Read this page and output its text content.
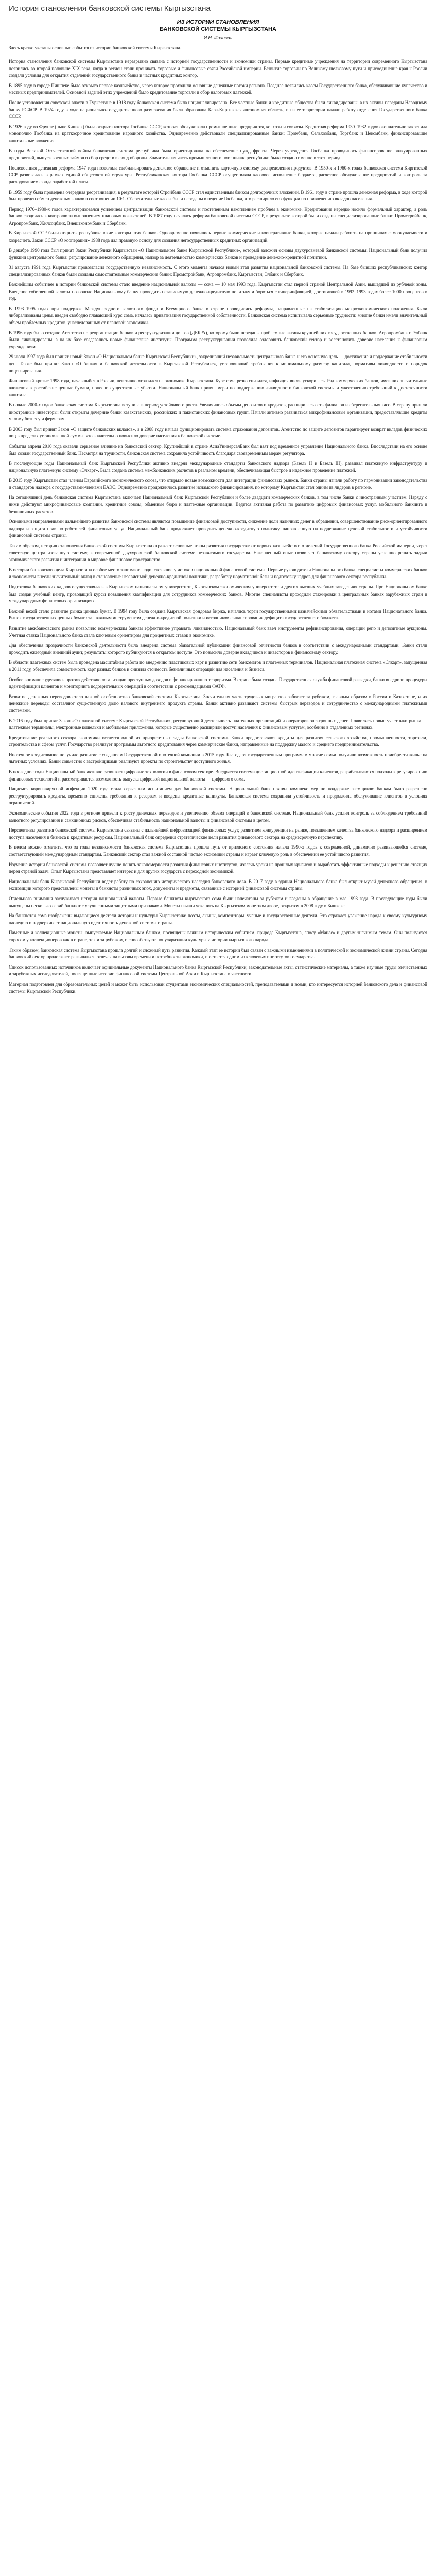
История становления банковской системы Кыргызстана

ИЗ ИСТОРИИ СТАНОВЛЕНИЯ

БАНКОВСКОЙ СИСТЕМЫ КЫРГЫЗСТАНА

И.Н. Иванова

Здесь кратко указаны основные события из истории банковской системы Кыргызстана.

История становления банковской системы Кыргызстана неразрывно связана с историей государственности и экономики страны. Первые кредитные учреждения на территории современного Кыргызстана появились во второй половине XIX века, когда в регион стали проникать торговые и финансовые связи Российской империи. Развитие торговли по Великому шелковому пути и присоединение края к России создали условия для открытия отделений государственного банка и частных кредитных контор.

В 1895 году в городе Пишпеке было открыто первое казначейство, через которое проходили основные денежные потоки региона. Позднее появились кассы Государственного банка, обслуживавшие купечество и местных предпринимателей. Основной задачей этих учреждений было кредитование торговли и сбор налоговых платежей.

После установления советской власти в Туркестане в 1918 году банковская система была национализирована. Все частные банки и кредитные общества были ликвидированы, а их активы переданы Народному банку РСФСР. В 1924 году в ходе национально-государственного размежевания была образована Кара-Киргизская автономная область, и на ее территории начали работу отделения Государственного банка СССР.

В 1926 году во Фрунзе (ныне Бишкек) была открыта контора Госбанка СССР, которая обслуживала промышленные предприятия, колхозы и совхозы. Кредитная реформа 1930–1932 годов окончательно закрепила монополию Госбанка на краткосрочное кредитование народного хозяйства. Одновременно действовали специализированные банки: Промбанк, Сельхозбанк, Торгбанк и Цекомбанк, финансировавшие капитальные вложения.

В годы Великой Отечественной войны банковская система республики была ориентирована на обеспечение нужд фронта. Через учреждения Госбанка проводилось финансирование эвакуированных предприятий, выпуск военных займов и сбор средств в фонд обороны. Значительная часть промышленного потенциала республики была создана именно в этот период.

Послевоенная денежная реформа 1947 года позволила стабилизировать денежное обращение и отменить карточную систему распределения продуктов. В 1950-х и 1960-х годах банковская система Киргизской ССР развивалась в рамках единой общесоюзной структуры. Республиканская контора Госбанка СССР осуществляла кассовое исполнение бюджета, расчетное обслуживание предприятий и контроль за расходованием фонда заработной платы.

В 1959 году была проведена очередная реорганизация, в результате которой Стройбанк СССР стал единственным банком долгосрочных вложений. В 1961 году в стране прошла денежная реформа, в ходе которой был проведен обмен денежных знаков в соотношении 10:1. Сберегательные кассы были переданы в ведение Госбанка, что расширило его функции по привлечению вкладов населения.

Период 1970–1980-х годов характеризовался усилением централизации банковской системы и постепенным накоплением проблем в экономике. Кредитование нередко носило формальный характер, а роль банков сводилась к контролю за выполнением плановых показателей. В 1987 году началась реформа банковской системы СССР, в результате которой были созданы специализированные банки: Промстройбанк, Агропромбанк, Жилсоцбанк, Внешэкономбанк и Сбербанк.

В Киргизской ССР были открыты республиканские конторы этих банков. Одновременно появились первые коммерческие и кооперативные банки, которые начали работать на принципах самоокупаемости и хозрасчета. Закон СССР «О кооперации» 1988 года дал правовую основу для создания негосударственных кредитных организаций.

В декабре 1990 года был принят Закон Республики Кыргызстан «О Национальном банке Кыргызской Республики», который заложил основы двухуровневой банковской системы. Национальный банк получил функции центрального банка: регулирование денежного обращения, надзор за деятельностью коммерческих банков и проведение денежно-кредитной политики.

31 августа 1991 года Кыргызстан провозгласил государственную независимость. С этого момента начался новый этап развития национальной банковской системы. На базе бывших республиканских контор специализированных банков были созданы самостоятельные коммерческие банки: Промстройбанк, Агропромбанк, Кыргызстан, Элбанк и Сбербанк.

Важнейшим событием в истории банковской системы стало введение национальной валюты — сома — 10 мая 1993 года. Кыргызстан стал первой страной Центральной Азии, вышедшей из рублевой зоны. Введение собственной валюты позволило Национальному банку проводить независимую денежно-кредитную политику и бороться с гиперинфляцией, достигавшей в 1992–1993 годах более 1000 процентов в год.

В 1993–1995 годах при поддержке Международного валютного фонда и Всемирного банка в стране проводились реформы, направленные на стабилизацию макроэкономического положения. Были либерализованы цены, введен свободно плавающий курс сома, началась приватизация государственной собственности. Банковская система испытывала серьезные трудности: многие банки имели значительный объем проблемных кредитов, унаследованных от плановой экономики.

В 1996 году было создано Агентство по реорганизации банков и реструктуризации долгов (ДЕБРА), которому были переданы проблемные активы крупнейших государственных банков. Агропромбанк и Элбанк были ликвидированы, а на их базе создавались новые финансовые институты. Программа реструктуризации позволила оздоровить банковский сектор и восстановить доверие населения к финансовым учреждениям.

29 июля 1997 года был принят новый Закон «О Национальном банке Кыргызской Республики», закрепивший независимость центрального банка и его основную цель — достижение и поддержание стабильности цен. Также был принят Закон «О банках и банковской деятельности в Кыргызской Республике», установивший требования к минимальному размеру капитала, нормативы ликвидности и порядок лицензирования.

Финансовый кризис 1998 года, начавшийся в России, негативно отразился на экономике Кыргызстана. Курс сома резко снизился, инфляция вновь ускорилась. Ряд коммерческих банков, имевших значительные вложения в российские ценные бумаги, понесли существенные убытки. Национальный банк принял меры по поддержанию ликвидности банковской системы и ужесточению требований к достаточности капитала.

В начале 2000-х годов банковская система Кыргызстана вступила в период устойчивого роста. Увеличились объемы депозитов и кредитов, расширилась сеть филиалов и сберегательных касс. В страну пришли иностранные инвесторы: были открыты дочерние банки казахстанских, российских и пакистанских финансовых групп. Начали активно развиваться микрофинансовые организации, предоставлявшие кредиты малому бизнесу и фермерам.

В 2003 году был принят Закон «О защите банковских вкладов», а в 2008 году начала функционировать система страхования депозитов. Агентство по защите депозитов гарантирует возврат вкладов физических лиц в пределах установленной суммы, что значительно повысило доверие населения к банковской системе.

События апреля 2010 года оказали серьезное влияние на банковский сектор. Крупнейший в стране АсиаУниверсалБанк был взят под временное управление Национального банка. Впоследствии на его основе был создан государственный банк. Несмотря на трудности, банковская система сохранила устойчивость благодаря своевременным мерам регулятора.

В последующие годы Национальный банк Кыргызской Республики активно внедрял международные стандарты банковского надзора (Базель II и Базель III), развивал платежную инфраструктуру и национальную платежную систему «Элкарт». Была создана система межбанковских расчетов в реальном времени, обеспечивающая быстрое и надежное проведение платежей.

В 2015 году Кыргызстан стал членом Евразийского экономического союза, что открыло новые возможности для интеграции финансовых рынков. Банки страны начали работу по гармонизации законодательства и стандартов надзора с государствами-членами ЕАЭС. Одновременно продолжилось развитие исламского финансирования, по которому Кыргызстан стал одним из лидеров в регионе.

На сегодняшний день банковская система Кыргызстана включает Национальный банк Кыргызской Республики и более двадцати коммерческих банков, в том числе банки с иностранным участием. Наряду с ними действуют микрофинансовые компании, кредитные союзы, обменные бюро и платежные организации. Ведется активная работа по развитию цифровых финансовых услуг, мобильного банкинга и безналичных расчетов.

Основными направлениями дальнейшего развития банковской системы являются повышение финансовой доступности, снижение доли наличных денег в обращении, совершенствование риск-ориентированного надзора и защита прав потребителей финансовых услуг. Национальный банк продолжает проводить денежно-кредитную политику, направленную на поддержание ценовой стабильности и устойчивости финансовой системы страны.

Таким образом, история становления банковской системы Кыргызстана отражает основные этапы развития государства: от первых казначейств и отделений Государственного банка Российской империи, через советскую централизованную систему, к современной двухуровневой банковской системе независимого государства. Накопленный опыт позволяет банковскому сектору страны успешно решать задачи экономического развития и интеграции в мировое финансовое пространство.

В истории банковского дела Кыргызстана особое место занимают люди, стоявшие у истоков национальной финансовой системы. Первые руководители Национального банка, специалисты коммерческих банков и экономисты внесли значительный вклад в становление независимой денежно-кредитной политики, разработку нормативной базы и подготовку кадров для финансового сектора республики.

Подготовка банковских кадров осуществлялась в Кыргызском национальном университете, Кыргызском экономическом университете и других высших учебных заведениях страны. При Национальном банке был создан учебный центр, проводящий курсы повышения квалификации для сотрудников коммерческих банков. Многие специалисты проходили стажировки в центральных банках зарубежных стран и международных финансовых организациях.

Важной вехой стало развитие рынка ценных бумаг. В 1994 году была создана Кыргызская фондовая биржа, начались торги государственными казначейскими обязательствами и нотами Национального банка. Рынок государственных ценных бумаг стал важным инструментом денежно-кредитной политики и источником финансирования дефицита государственного бюджета.

Развитие межбанковского рынка позволило коммерческим банкам эффективнее управлять ликвидностью. Национальный банк ввел инструменты рефинансирования, операции репо и депозитные аукционы. Учетная ставка Национального банка стала ключевым ориентиром для процентных ставок в экономике.

Для обеспечения прозрачности банковской деятельности была внедрена система обязательной публикации финансовой отчетности банков в соответствии с международными стандартами. Банки стали проходить ежегодный внешний аудит, результаты которого публикуются в открытом доступе. Это повысило доверие вкладчиков и инвесторов к финансовому сектору.

В области платежных систем была проведена масштабная работа по внедрению пластиковых карт и развитию сети банкоматов и платежных терминалов. Национальная платежная система «Элкарт», запущенная в 2011 году, обеспечила совместимость карт разных банков и снизила стоимость безналичных операций для населения и бизнеса.

Особое внимание уделялось противодействию легализации преступных доходов и финансированию терроризма. В стране была создана Государственная служба финансовой разведки, банки внедрили процедуры идентификации клиентов и мониторинга подозрительных операций в соответствии с рекомендациями ФАТФ.

Развитие денежных переводов стало важной особенностью банковской системы Кыргызстана. Значительная часть трудовых мигрантов работает за рубежом, главным образом в России и Казахстане, и их денежные переводы составляют существенную долю валового внутреннего продукта страны. Банки активно развивают системы быстрых переводов и сотрудничество с международными платежными системами.

В 2016 году был принят Закон «О платежной системе Кыргызской Республики», регулирующий деятельность платежных организаций и операторов электронных денег. Появились новые участники рынка — платежные терминалы, электронные кошельки и мобильные приложения, которые существенно расширили доступ населения к финансовым услугам, особенно в отдаленных регионах.

Кредитование реального сектора экономики остается одной из приоритетных задач банковской системы. Банки предоставляют кредиты для развития сельского хозяйства, промышленности, торговли, строительства и сферы услуг. Государство реализует программы льготного кредитования через коммерческие банки, направленные на поддержку малого и среднего предпринимательства.

Ипотечное кредитование получило развитие с созданием Государственной ипотечной компании в 2015 году. Благодаря государственным программам многие семьи получили возможность приобрести жилье на льготных условиях. Банки совместно с застройщиками реализуют проекты по строительству доступного жилья.

В последние годы Национальный банк активно развивает цифровые технологии в финансовом секторе. Внедряется система дистанционной идентификации клиентов, разрабатываются подходы к регулированию финансовых технологий и рассматривается возможность выпуска цифровой национальной валюты — цифрового сома.

Пандемия коронавирусной инфекции 2020 года стала серьезным испытанием для банковской системы. Национальный банк принял комплекс мер по поддержке заемщиков: банкам было разрешено реструктурировать кредиты, временно снижены требования к резервам и введены кредитные каникулы. Банковская система сохранила устойчивость и продолжила обслуживание клиентов в условиях ограничений.

Экономические события 2022 года в регионе привели к росту денежных переводов и увеличению объема операций в банковской системе. Национальный банк усилил контроль за соблюдением требований валютного регулирования и санкционных рисков, обеспечивая стабильность национальной валюты и финансовой системы в целом.

Перспективы развития банковской системы Кыргызстана связаны с дальнейшей цифровизацией финансовых услуг, развитием конкуренции на рынке, повышением качества банковского надзора и расширением доступа населения и бизнеса к кредитным ресурсам. Национальный банк определил стратегические цели развития финансового сектора на среднесрочную перспективу.

В целом можно отметить, что за годы независимости банковская система Кыргызстана прошла путь от кризисного состояния начала 1990-х годов к современной, динамично развивающейся системе, соответствующей международным стандартам. Банковский сектор стал важной составной частью экономики страны и играет ключевую роль в обеспечении ее устойчивого развития.

Изучение истории банковской системы позволяет лучше понять закономерности развития финансовых институтов, извлечь уроки из прошлых кризисов и выработать эффективные подходы к решению стоящих перед страной задач. Опыт Кыргызстана представляет интерес и для других государств с переходной экономикой.

Национальный банк Кыргызской Республики ведет работу по сохранению исторического наследия банковского дела. В 2017 году в здании Национального банка был открыт музей денежного обращения, в экспозиции которого представлены монеты и банкноты различных эпох, документы и предметы, связанные с историей финансовой системы страны.

Отдельного внимания заслуживает история национальной валюты. Первые банкноты кыргызского сома были напечатаны за рубежом и введены в обращение в мае 1993 года. В последующие годы были выпущены несколько серий банкнот с улучшенными защитными признаками. Монеты начали чеканить на Кыргызском монетном дворе, открытом в 2008 году в Бишкеке.

На банкнотах сома изображены выдающиеся деятели истории и культуры Кыргызстана: поэты, акыны, композиторы, ученые и государственные деятели. Это отражает уважение народа к своему культурному наследию и подчеркивает национальную идентичность денежной системы страны.

Памятные и коллекционные монеты, выпускаемые Национальным банком, посвящены важным историческим событиям, природе Кыргызстана, эпосу «Манас» и другим значимым темам. Они пользуются спросом у коллекционеров как в стране, так и за рубежом, и способствуют популяризации культуры и истории кыргызского народа.

Таким образом, банковская система Кыргызстана прошла долгий и сложный путь развития. Каждый этап ее истории был связан с важными изменениями в политической и экономической жизни страны. Сегодня банковский сектор продолжает развиваться, отвечая на вызовы времени и потребности экономики, и остается одним из ключевых институтов государства.

Список использованных источников включает официальные документы Национального банка Кыргызской Республики, законодательные акты, статистические материалы, а также научные труды отечественных и зарубежных исследователей, посвященные истории финансовой системы Центральной Азии и Кыргызстана в частности.

Материал подготовлен для образовательных целей и может быть использован студентами экономических специальностей, преподавателями и всеми, кто интересуется историей банковского дела и финансовой системы Кыргызской Республики.
